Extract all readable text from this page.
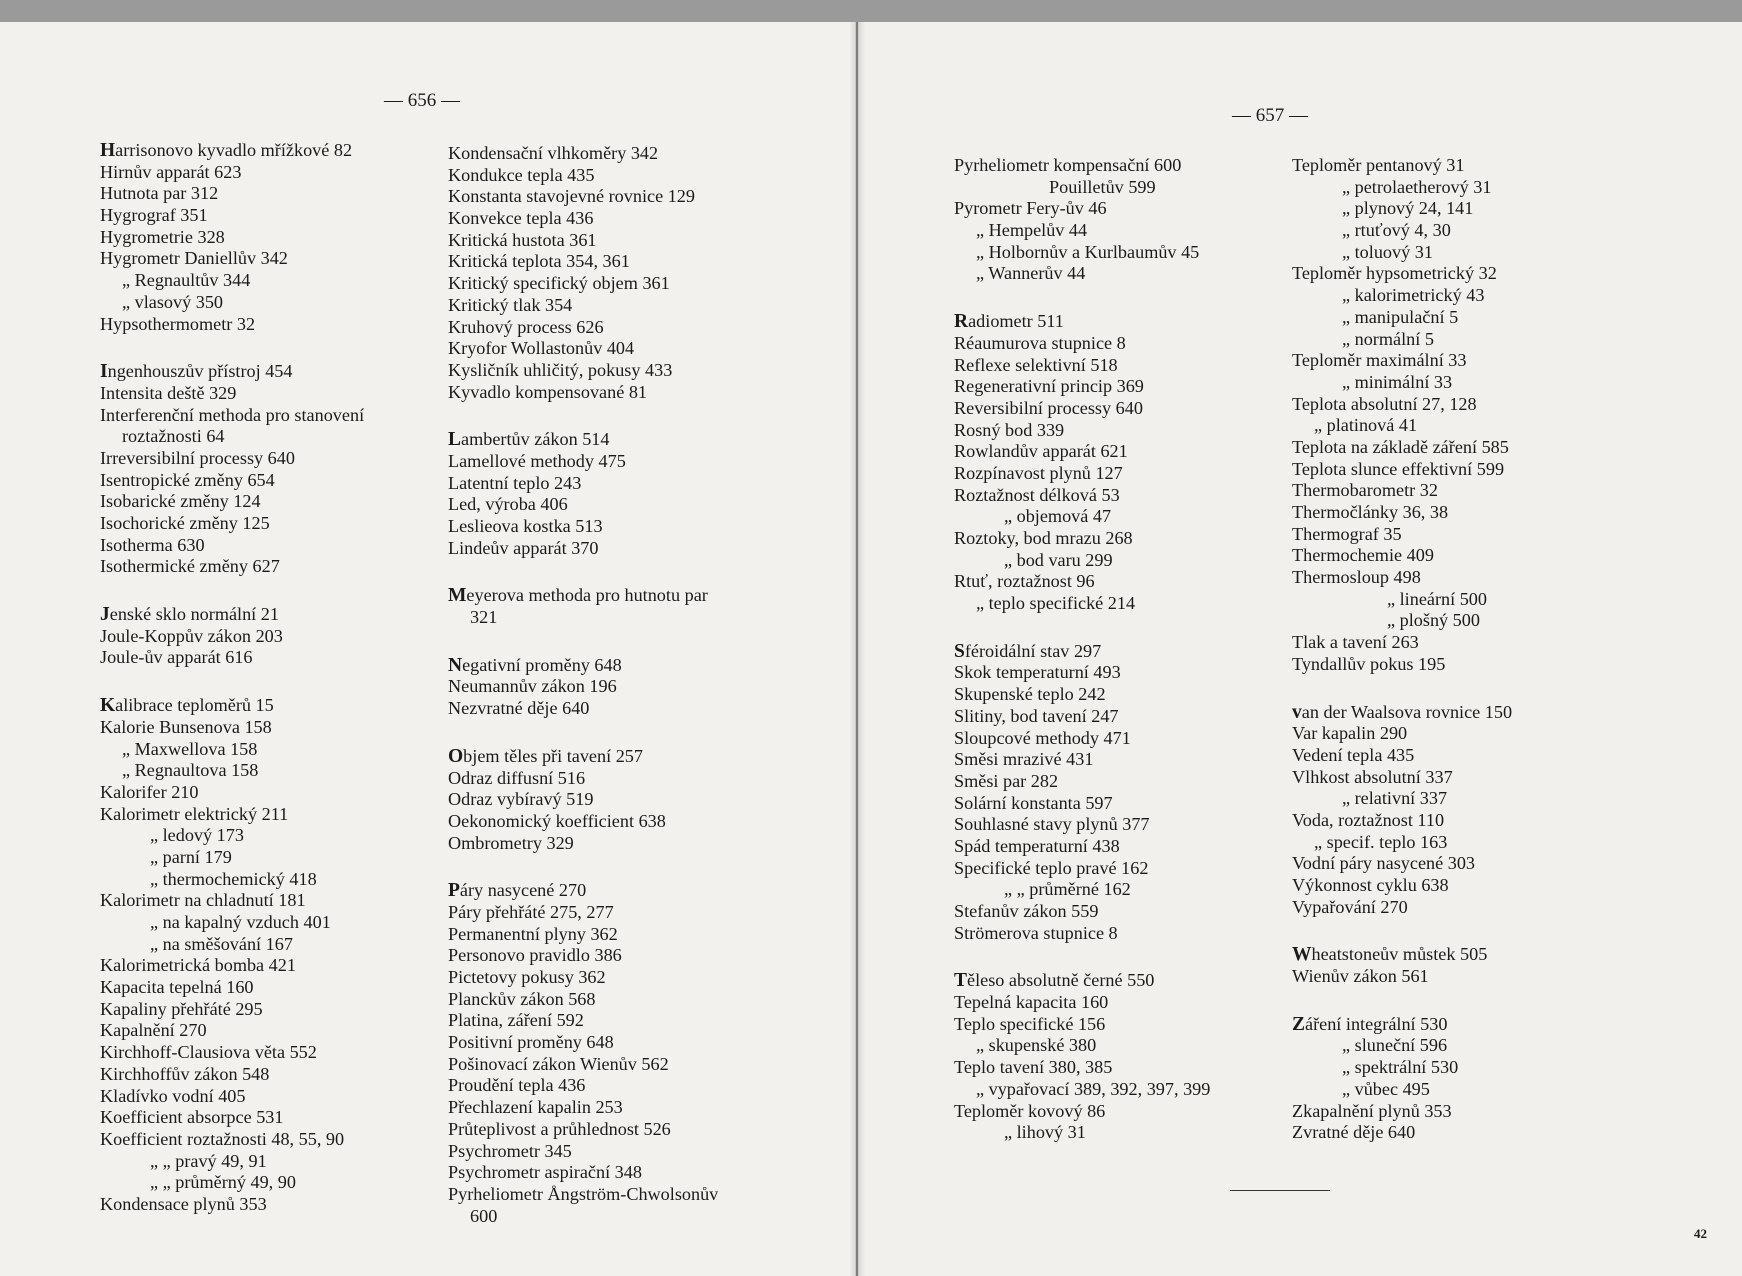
— 656 —
— 657 —
Harrisonovo kyvadlo mřížkové 82
Hirnův apparát 623
Hutnota par 312
Hygrograf 351
Hygrometrie 328
Hygrometr Daniellův 342
„ Regnaultův 344
„ vlasový 350
Hypsothermometr 32
Ingenhouszův přístroj 454
Intensita deště 329
Interferenční methoda pro stanovení
roztažnosti 64
Irreversibilní processy 640
Isentropické změny 654
Isobarické změny 124
Isochorické změny 125
Isotherma 630
Isothermické změny 627
Jenské sklo normální 21
Joule-Koppův zákon 203
Joule-ův apparát 616
Kalibrace teploměrů 15
Kalorie Bunsenova 158
„ Maxwellova 158
„ Regnaultova 158
Kalorifer 210
Kalorimetr elektrický 211
„ ledový 173
„ parní 179
„ thermochemický 418
Kalorimetr na chladnutí 181
„ na kapalný vzduch 401
„ na směšování 167
Kalorimetrická bomba 421
Kapacita tepelná 160
Kapaliny přehřáté 295
Kapalnění 270
Kirchhoff-Clausiova věta 552
Kirchhoffův zákon 548
Kladívko vodní 405
Koefficient absorpce 531
Koefficient roztažnosti 48, 55, 90
„ „ pravý 49, 91
„ „ průměrný 49, 90
Kondensace plynů 353
Kondensační vlhkoměry 342
Kondukce tepla 435
Konstanta stavojevné rovnice 129
Konvekce tepla 436
Kritická hustota 361
Kritická teplota 354, 361
Kritický specifický objem 361
Kritický tlak 354
Kruhový process 626
Kryofor Wollastonův 404
Kysličník uhličitý, pokusy 433
Kyvadlo kompensované 81
Lambertův zákon 514
Lamellové methody 475
Latentní teplo 243
Led, výroba 406
Leslieova kostka 513
Lindeův apparát 370
Meyerova methoda pro hutnotu par
321
Negativní proměny 648
Neumannův zákon 196
Nezvratné děje 640
Objem těles při tavení 257
Odraz diffusní 516
Odraz vybíravý 519
Oekonomický koefficient 638
Ombrometry 329
Páry nasycené 270
Páry přehřáté 275, 277
Permanentní plyny 362
Personovo pravidlo 386
Pictetovy pokusy 362
Planckův zákon 568
Platina, záření 592
Positivní proměny 648
Pošinovací zákon Wienův 562
Proudění tepla 436
Přechlazení kapalin 253
Průteplivost a průhlednost 526
Psychrometr 345
Psychrometr aspirační 348
Pyrheliometr Ångström-Chwolsonův
600
Pyrheliometr kompensační 600
Pouilletův 599
Pyrometr Fery-ův 46
„ Hempelův 44
„ Holbornův a Kurlbaumův 45
„ Wannerův 44
Radiometr 511
Réaumurova stupnice 8
Reflexe selektivní 518
Regenerativní princip 369
Reversibilní processy 640
Rosný bod 339
Rowlandův apparát 621
Rozpínavost plynů 127
Roztažnost délková 53
„ objemová 47
Roztoky, bod mrazu 268
„ bod varu 299
Rtuť, roztažnost 96
„ teplo specifické 214
Sféroidální stav 297
Skok temperaturní 493
Skupenské teplo 242
Slitiny, bod tavení 247
Sloupcové methody 471
Směsi mrazivé 431
Směsi par 282
Solární konstanta 597
Souhlasné stavy plynů 377
Spád temperaturní 438
Specifické teplo pravé 162
„ „ průměrné 162
Stefanův zákon 559
Strömerova stupnice 8
Těleso absolutně černé 550
Tepelná kapacita 160
Teplo specifické 156
„ skupenské 380
Teplo tavení 380, 385
„ vypařovací 389, 392, 397, 399
Teploměr kovový 86
„ lihový 31
Teploměr pentanový 31
„ petrolaetherový 31
„ plynový 24, 141
„ rtuťový 4, 30
„ toluový 31
Teploměr hypsometrický 32
„ kalorimetrický 43
„ manipulační 5
„ normální 5
Teploměr maximální 33
„ minimální 33
Teplota absolutní 27, 128
„ platinová 41
Teplota na základě záření 585
Teplota slunce effektivní 599
Thermobarometr 32
Thermočlánky 36, 38
Thermograf 35
Thermochemie 409
Thermosloup 498
„ lineární 500
„ plošný 500
Tlak a tavení 263
Tyndallův pokus 195
van der Waalsova rovnice 150
Var kapalin 290
Vedení tepla 435
Vlhkost absolutní 337
„ relativní 337
Voda, roztažnost 110
„ specif. teplo 163
Vodní páry nasycené 303
Výkonnost cyklu 638
Vypařování 270
Wheatstoneův můstek 505
Wienův zákon 561
Záření integrální 530
„ sluneční 596
„ spektrální 530
„ vůbec 495
Zkapalnění plynů 353
Zvratné děje 640
42
